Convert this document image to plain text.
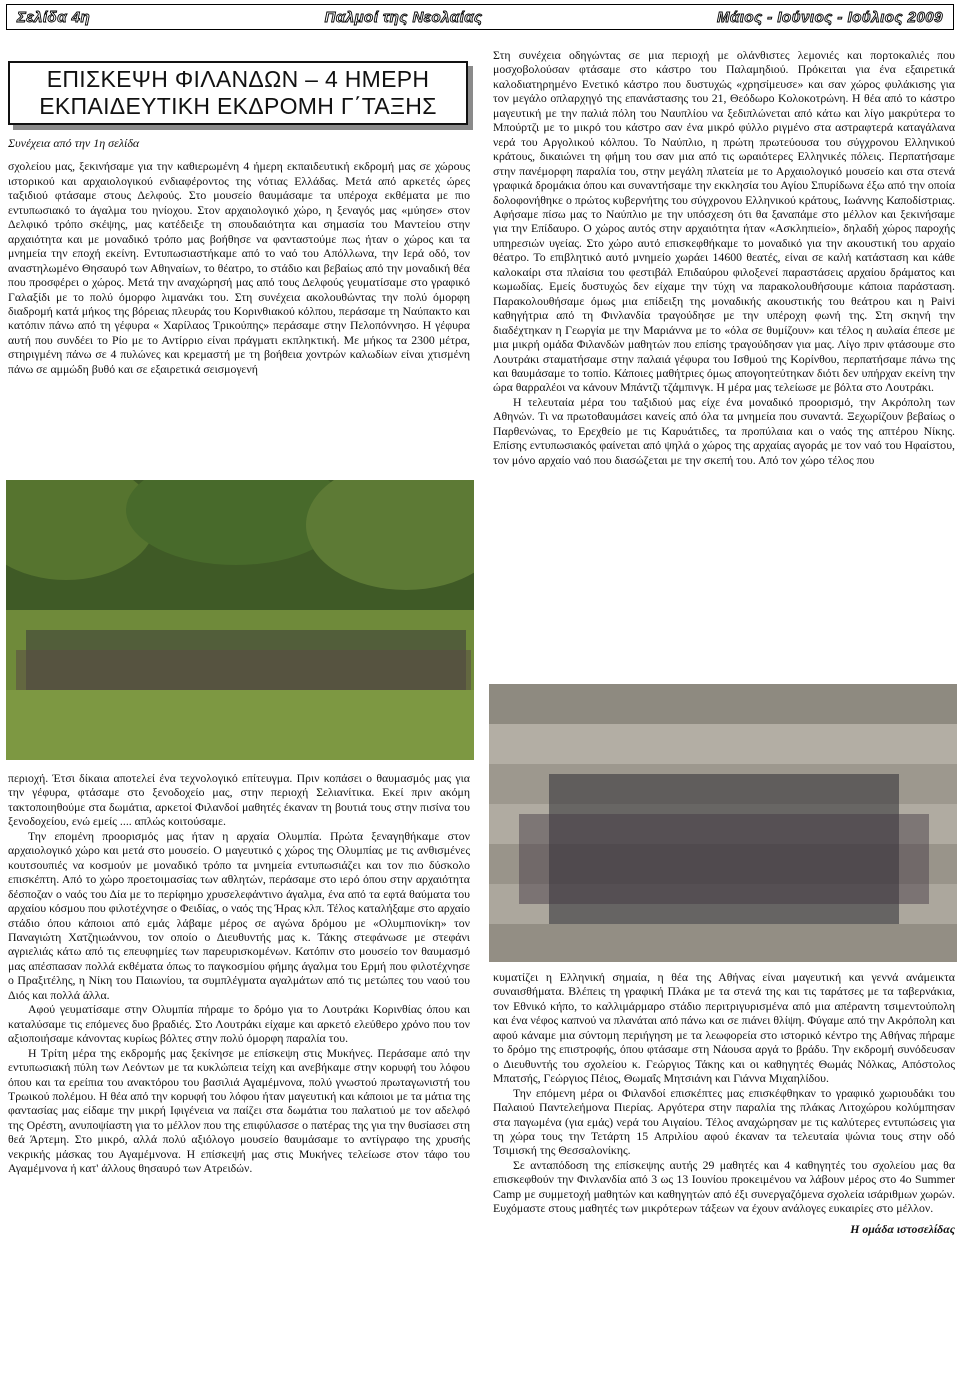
Σελίδα 4η	Παλμοί της Νεολαίας	Μάιος - Ιούνιος - Ιούλιος 2009
ΕΠΙΣΚΕΨΗ ΦΙΛΑΝΔΩΝ – 4 ΗΜΕΡΗ
ΕΚΠΑΙΔΕΥΤΙΚΗ ΕΚΔΡΟΜΗ Γ΄ΤΑΞΗΣ

Συνέχεια από την 1η σελίδα

σχολείου μας, ξεκινήσαμε για την καθιερωμένη 4 ήμερη εκπαιδευτική εκδρομή μας σε χώρους ιστορικού και αρχαιολογικού ενδιαφέροντος της νότιας Ελλάδας. Μετά από αρκετές ώρες ταξιδιού φτάσαμε στους Δελφούς. Στο μουσείο θαυμάσαμε τα υπέροχα εκθέματα με πιο εντυπωσιακό το άγαλμα του ηνίοχου. Στον αρχαιολογικό χώρο, η ξεναγός μας «μύησε» στον Δελφικό τρόπο σκέψης, μας κατέδειξε τη σπουδαιότητα και σημασία του Μαντείου στην αρχαιότητα και με μοναδικό τρόπο μας βοήθησε να φανταστούμε πως ήταν ο χώρος και τα μνημεία την εποχή εκείνη. Εντυπωσιαστήκαμε από το ναό του Απόλλωνα, την Ιερά οδό, τον αναστηλωμένο Θησαυρό των Αθηναίων, το θέατρο, το στάδιο και βεβαίως από την μοναδική θέα που προσφέρει ο χώρος. Μετά την αναχώρησή μας από τους Δελφούς γευματίσαμε στο γραφικό Γαλαξίδι με το πολύ όμορφο λιμανάκι του. Στη συνέχεια ακολουθώντας την πολύ όμορφη διαδρομή κατά μήκος της βόρειας πλευράς του Κορινθιακού κόλπου, περάσαμε τη Ναύπακτο και κατόπιν πάνω από τη γέφυρα « Χαρίλαος Τρικούπης» περάσαμε στην Πελοπόννησο. Η γέφυρα αυτή που συνδέει το Ρίο με το Αντίρριο είναι πράγματι εκπληκτική. Με μήκος τα 2300 μέτρα, στηριγμένη πάνω σε 4 πυλώνες και κρεμαστή με τη βοήθεια χοντρών καλωδίων είναι χτισμένη πάνω σε αμμώδη βυθό και σε εξαιρετικά σεισμογενή

περιοχή. Έτσι δίκαια αποτελεί ένα τεχνολογικό επίτευγμα. Πριν κοπάσει ο θαυμασμός μας για την γέφυρα, φτάσαμε στο ξενοδοχείο μας, στην περιοχή Σελιανίτικα. Εκεί πριν ακόμη τακτοποιηθούμε στα δωμάτια, αρκετοί Φιλανδοί μαθητές έκαναν τη βουτιά τους στην πισίνα του ξενοδοχείου, ενώ εμείς .... απλώς κοιτούσαμε.

Την επομένη προορισμός μας ήταν η αρχαία Ολυμπία. Πρώτα ξεναγηθήκαμε στον αρχαιολογικό χώρο και μετά στο μουσείο. Ο μαγευτικό ς χώρος της Ολυμπίας με τις ανθισμένες κουτσουπιές να κοσμούν με μοναδικό τρόπο τα μνημεία εντυπωσιάζει και τον πιο δύσκολο επισκέπτη. Από το χώρο προετοιμασίας των αθλητών, περάσαμε στο ιερό όπου στην αρχαιότητα δέσποζαν ο ναός του Δία με το περίφημο χρυσελεφάντινο άγαλμα, ένα από τα εφτά θαύματα του αρχαίου κόσμου που φιλοτέχνησε ο Φειδίας, ο ναός της Ήρας κλπ. Τέλος καταλήξαμε στο αρχαίο στάδιο όπου κάποιοι από εμάς λάβαμε μέρος σε αγώνα δρόμου με «Ολυμπιονίκη» τον Παναγιώτη Χατζηιωάννου, τον οποίο ο Διευθυντής μας κ. Τάκης στεφάνωσε με στεφάνι αγριελιάς κάτω από τις επευφημίες των παρευρισκομένων. Κατόπιν στο μουσείο τον θαυμασμό μας απέσπασαν πολλά εκθέματα όπως το παγκοσμίου φήμης άγαλμα του Ερμή που φιλοτέχνησε ο Πραξιτέλης, η Νίκη του Παιωνίου, τα συμπλέγματα αγαλμάτων από τις μετώπες του ναού του Διός και πολλά άλλα.

Αφού γευματίσαμε στην Ολυμπία πήραμε το δρόμο για το Λουτράκι Κορινθίας όπου και καταλύσαμε τις επόμενες δυο βραδιές. Στο Λουτράκι είχαμε και αρκετό ελεύθερο χρόνο που τον αξιοποιήσαμε κάνοντας κυρίως βόλτες στην πολύ όμορφη παραλία του.

Η Τρίτη μέρα της εκδρομής μας ξεκίνησε με επίσκεψη στις Μυκήνες. Περάσαμε από την εντυπωσιακή πύλη των Λεόντων με τα κυκλώπεια τείχη και ανεβήκαμε στην κορυφή του λόφου όπου και τα ερείπια του ανακτόρου του βασιλιά Αγαμέμνονα, πολύ γνωστού πρωταγωνιστή του Τρωικού πολέμου. Η θέα από την κορυφή του λόφου ήταν μαγευτική και κάποιοι με τα μάτια της φαντασίας μας είδαμε την μικρή Ιφιγένεια να παίζει στα δωμάτια του παλατιού με τον αδελφό της Ορέστη, ανυποψίαστη για το μέλλον που της επιφύλασσε ο πατέρας της για την θυσίασει στη θεά Άρτεμη. Στο μικρό, αλλά πολύ αξιόλογο μουσείο θαυμάσαμε το αντίγραφο της χρυσής νεκρικής μάσκας του Αγαμέμνονα. Η επίσκεψή μας στις Μυκήνες τελείωσε στον τάφο του Αγαμέμνονα ή κατ' άλλους θησαυρό των Ατρειδών.

Στη συνέχεια οδηγώντας σε μια περιοχή με ολάνθιστες λεμονιές και πορτοκαλιές που μοσχοβολούσαν φτάσαμε στο κάστρο του Παλαμηδιού. Πρόκειται για ένα εξαιρετικά καλοδιατηρημένο Ενετικό κάστρο που δυστυχώς «χρησίμευσε» και σαν χώρος φυλάκισης για τον μεγάλο οπλαρχηγό της επανάστασης του 21, Θεόδωρο Κολοκοτρώνη. Η θέα από το κάστρο μαγευτική με την παλιά πόλη του Ναυπλίου να ξεδιπλώνεται από κάτω και λίγο μακρύτερα το Μπούρτζι με το μικρό του κάστρο σαν ένα μικρό φύλλο ριγμένο στα αστραφτερά καταγάλανα νερά του Αργολικού κόλπου. Το Ναύπλιο, η πρώτη πρωτεύουσα του σύγχρονου Ελληνικού κράτους, δικαιώνει τη φήμη του σαν μια από τις ωραιότερες Ελληνικές πόλεις. Περπατήσαμε στην πανέμορφη παραλία του, στην μεγάλη πλατεία με το Αρχαιολογικό μουσείο και στα στενά γραφικά δρομάκια όπου και συναντήσαμε την εκκλησία του Αγίου Σπυρίδωνα έξω από την οποία δολοφονήθηκε ο πρώτος κυβερνήτης του σύγχρονου Ελληνικού κράτους, Ιωάννης Καποδίστριας. Αφήσαμε πίσω μας το Ναύπλιο με την υπόσχεση ότι θα ξαναπάμε στο μέλλον και ξεκινήσαμε για την Επίδαυρο. Ο χώρος αυτός στην αρχαιότητα ήταν «Ασκληπιείο», δηλαδή χώρος παροχής υπηρεσιών υγείας. Στο χώρο αυτό επισκεφθήκαμε το μοναδικό για την ακουστική του αρχαίο θέατρο. Το επιβλητικό αυτό μνημείο χωράει 14600 θεατές, είναι σε καλή κατάσταση και κάθε καλοκαίρι στα πλαίσια του φεστιβάλ Επιδαύρου φιλοξενεί παραστάσεις αρχαίου δράματος και κωμωδίας. Εμείς δυστυχώς δεν είχαμε την τύχη να παρακολουθήσουμε κάποια παράσταση. Παρακολουθήσαμε όμως μια επίδειξη της μοναδικής ακουστικής του θεάτρου και η Paivi καθηγήτρια από τη Φινλανδία τραγούδησε με την υπέροχη φωνή της. Στη σκηνή την διαδέχτηκαν η Γεωργία με την Μαριάννα με το «όλα σε θυμίζουν» και τέλος η αυλαία έπεσε με μια μικρή ομάδα Φιλανδών μαθητών που επίσης τραγούδησαν για μας. Λίγο πριν φτάσουμε στο Λουτράκι σταματήσαμε στην παλαιά γέφυρα του Ισθμού της Κορίνθου, περπατήσαμε πάνω της και θαυμάσαμε το τοπίο. Κάποιες μαθήτριες όμως απογοητεύτηκαν διότι δεν υπήρχαν εκείνη την ώρα θαρραλέοι να κάνουν Μπάντζι τζάμπινγκ. Η μέρα μας τελείωσε με βόλτα στο Λουτράκι.

Η τελευταία μέρα του ταξιδιού μας είχε ένα μοναδικό προορισμό, την Ακρόπολη των Αθηνών. Τι να πρωτοθαυμάσει κανείς από όλα τα μνημεία που συναντά. Ξεχωρίζουν βεβαίως ο Παρθενώνας, το Ερεχθείο με τις Καρυάτιδες, τα προπύλαια και ο ναός της απτέρου Νίκης. Επίσης εντυπωσιακός φαίνεται από ψηλά ο χώρος της αρχαίας αγοράς με τον ναό του Ηφαίστου, τον μόνο αρχαίο ναό που διασώζεται με την σκεπή του. Από τον χώρο τέλος που

κυματίζει η Ελληνική σημαία, η θέα της Αθήνας είναι μαγευτική και γεννά ανάμεικτα συναισθήματα. Βλέπεις τη γραφική Πλάκα με τα στενά της και τις ταράτσες με τα ταβερνάκια, τον Εθνικό κήπο, το καλλιμάρμαρο στάδιο περιτριγυρισμένα από μια απέραντη τσιμεντούπολη και ένα νέφος καπνού να πλανάται από πάνω και σε πιάνει θλίψη. Φύγαμε από την Ακρόπολη και αφού κάναμε μια σύντομη περιήγηση με τα λεωφορεία στο ιστορικό κέντρο της Αθήνας πήραμε το δρόμο της επιστροφής, όπου φτάσαμε στη Νάουσα αργά το βράδυ. Την εκδρομή συνόδευσαν ο Διευθυντής του σχολείου κ. Γεώργιος Τάκης και οι καθηγητές Θωμάς Νόλκας, Απόστολος Μπατσής, Γεώργιος Πέιος, Θωμαΐς Μητσιάνη και Γιάννα Μιχαηλίδου.

Την επόμενη μέρα οι Φιλανδοί επισκέπτες μας επισκέφθηκαν το γραφικό χωριουδάκι του Παλαιού Παντελεήμονα Πιερίας. Αργότερα στην παραλία της πλάκας Λιτοχώρου κολύμπησαν στα παγωμένα (για εμάς) νερά του Αιγαίου. Τέλος αναχώρησαν με τις καλύτερες εντυπώσεις για τη χώρα τους την Τετάρτη 15 Απριλίου αφού έκαναν τα τελευταία ψώνια τους στην οδό Τσιμισκή της Θεσσαλονίκης.

Σε ανταπόδοση της επίσκεψης αυτής 29 μαθητές και 4 καθηγητές του σχολείου μας θα επισκεφθούν την Φινλανδία από 3 ως 13 Ιουνίου προκειμένου να λάβουν μέρος στο 4ο Summer Camp με συμμετοχή μαθητών και καθηγητών από έξι συνεργαζόμενα σχολεία ισάριθμων χωρών. Ευχόμαστε στους μαθητές των μικρότερων τάξεων να έχουν ανάλογες ευκαιρίες στο μέλλον.

Η ομάδα ιστοσελίδας
